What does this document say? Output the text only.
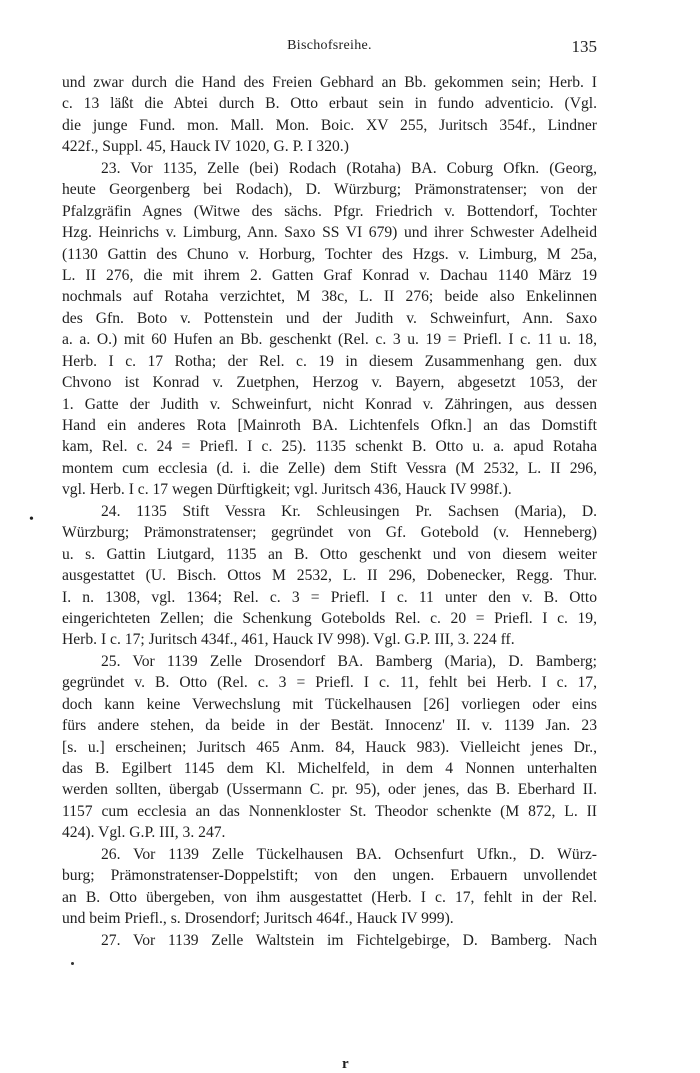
Bischofsreihe.	135
und zwar durch die Hand des Freien Gebhard an Bb. gekommen sein; Herb. I
c. 13 läßt die Abtei durch B. Otto erbaut sein in fundo adventicio. (Vgl.
die junge Fund. mon. Mall. Mon. Boic. XV 255, Juritsch 354f., Lindner
422f., Suppl. 45, Hauck IV 1020, G. P. I 320.)
23. Vor 1135, Zelle (bei) Rodach (Rotaha) BA. Coburg Ofkn. (Georg,
heute Georgenberg bei Rodach), D. Würzburg; Prämonstratenser; von der
Pfalzgräfin Agnes (Witwe des sächs. Pfgr. Friedrich v. Bottendorf, Tochter
Hzg. Heinrichs v. Limburg, Ann. Saxo SS VI 679) und ihrer Schwester Adelheid
(1130 Gattin des Chuno v. Horburg, Tochter des Hzgs. v. Limburg, M 25a,
L. II 276, die mit ihrem 2. Gatten Graf Konrad v. Dachau 1140 März 19
nochmals auf Rotaha verzichtet, M 38c, L. II 276; beide also Enkelinnen
des Gfn. Boto v. Pottenstein und der Judith v. Schweinfurt, Ann. Saxo
a. a. O.) mit 60 Hufen an Bb. geschenkt (Rel. c. 3 u. 19 = Priefl. I c. 11 u. 18,
Herb. I c. 17 Rotha; der Rel. c. 19 in diesem Zusammenhang gen. dux
Chvono ist Konrad v. Zuetphen, Herzog v. Bayern, abgesetzt 1053, der
1. Gatte der Judith v. Schweinfurt, nicht Konrad v. Zähringen, aus dessen
Hand ein anderes Rota [Mainroth BA. Lichtenfels Ofkn.] an das Domstift
kam, Rel. c. 24 = Priefl. I c. 25). 1135 schenkt B. Otto u. a. apud Rotaha
montem cum ecclesia (d. i. die Zelle) dem Stift Vessra (M 2532, L. II 296,
vgl. Herb. I c. 17 wegen Dürftigkeit; vgl. Juritsch 436, Hauck IV 998f.).
24. 1135 Stift Vessra Kr. Schleusingen Pr. Sachsen (Maria), D.
Würzburg; Prämonstratenser; gegründet von Gf. Gotebold (v. Henneberg)
u. s. Gattin Liutgard, 1135 an B. Otto geschenkt und von diesem weiter
ausgestattet (U. Bisch. Ottos M 2532, L. II 296, Dobenecker, Regg. Thur.
I. n. 1308, vgl. 1364; Rel. c. 3 = Priefl. I c. 11 unter den v. B. Otto
eingerichteten Zellen; die Schenkung Gotebolds Rel. c. 20 = Priefl. I c. 19,
Herb. I c. 17; Juritsch 434f., 461, Hauck IV 998). Vgl. G.P. III, 3. 224 ff.
25. Vor 1139 Zelle Drosendorf BA. Bamberg (Maria), D. Bamberg;
gegründet v. B. Otto (Rel. c. 3 = Priefl. I c. 11, fehlt bei Herb. I c. 17,
doch kann keine Verwechslung mit Tückelhausen [26] vorliegen oder eins
fürs andere stehen, da beide in der Bestät. Innocenz' II. v. 1139 Jan. 23
[s. u.] erscheinen; Juritsch 465 Anm. 84, Hauck 983). Vielleicht jenes Dr.,
das B. Egilbert 1145 dem Kl. Michelfeld, in dem 4 Nonnen unterhalten
werden sollten, übergab (Ussermann C. pr. 95), oder jenes, das B. Eberhard II.
1157 cum ecclesia an das Nonnenkloster St. Theodor schenkte (M 872, L. II
424). Vgl. G.P. III, 3. 247.
26. Vor 1139 Zelle Tückelhausen BA. Ochsenfurt Ufkn., D. Würz-
burg; Prämonstratenser-Doppelstift; von den ungen. Erbauern unvollendet
an B. Otto übergeben, von ihm ausgestattet (Herb. I c. 17, fehlt in der Rel.
und beim Priefl., s. Drosendorf; Juritsch 464f., Hauck IV 999).
27. Vor 1139 Zelle Waltstein im Fichtelgebirge, D. Bamberg. Nach
•
r
